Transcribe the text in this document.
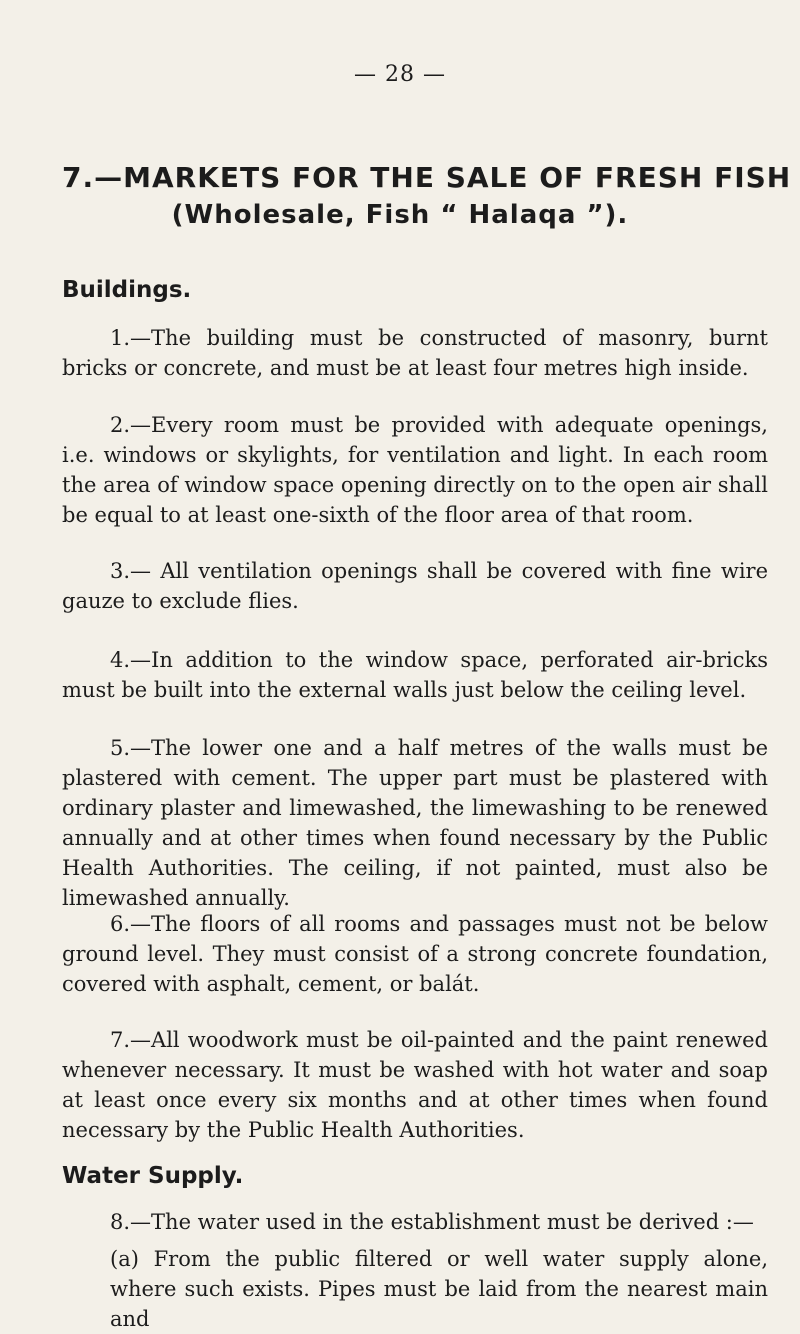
— 28 —
7.—MARKETS FOR THE SALE OF FRESH FISH
(Wholesale, Fish “ Halaqa ”).
Buildings.

1.—The building must be constructed of masonry, burnt bricks or concrete, and must be at least four metres high inside.

2.—Every room must be provided with adequate openings, i.e. windows or skylights, for ventilation and light. In each room the area of window space opening directly on to the open air shall be equal to at least one-sixth of the floor area of that room.

3.— All ventilation openings shall be covered with fine wire gauze to exclude flies.

4.—In addition to the window space, perforated air-bricks must be built into the external walls just below the ceiling level.

5.—The lower one and a half metres of the walls must be plastered with cement. The upper part must be plastered with ordinary plaster and limewashed, the limewashing to be renewed annually and at other times when found necessary by the Public Health Authorities. The ceiling, if not painted, must also be limewashed annually.

6.—The floors of all rooms and passages must not be below ground level. They must consist of a strong concrete foundation, covered with asphalt, cement, or balát.

7.—All woodwork must be oil-painted and the paint renewed whenever necessary. It must be washed with hot water and soap at least once every six months and at other times when found necessary by the Public Health Authorities.

Water Supply.

8.—The water used in the establishment must be derived :—

(a) From the public filtered or well water supply alone, where such exists. Pipes must be laid from the nearest main and
